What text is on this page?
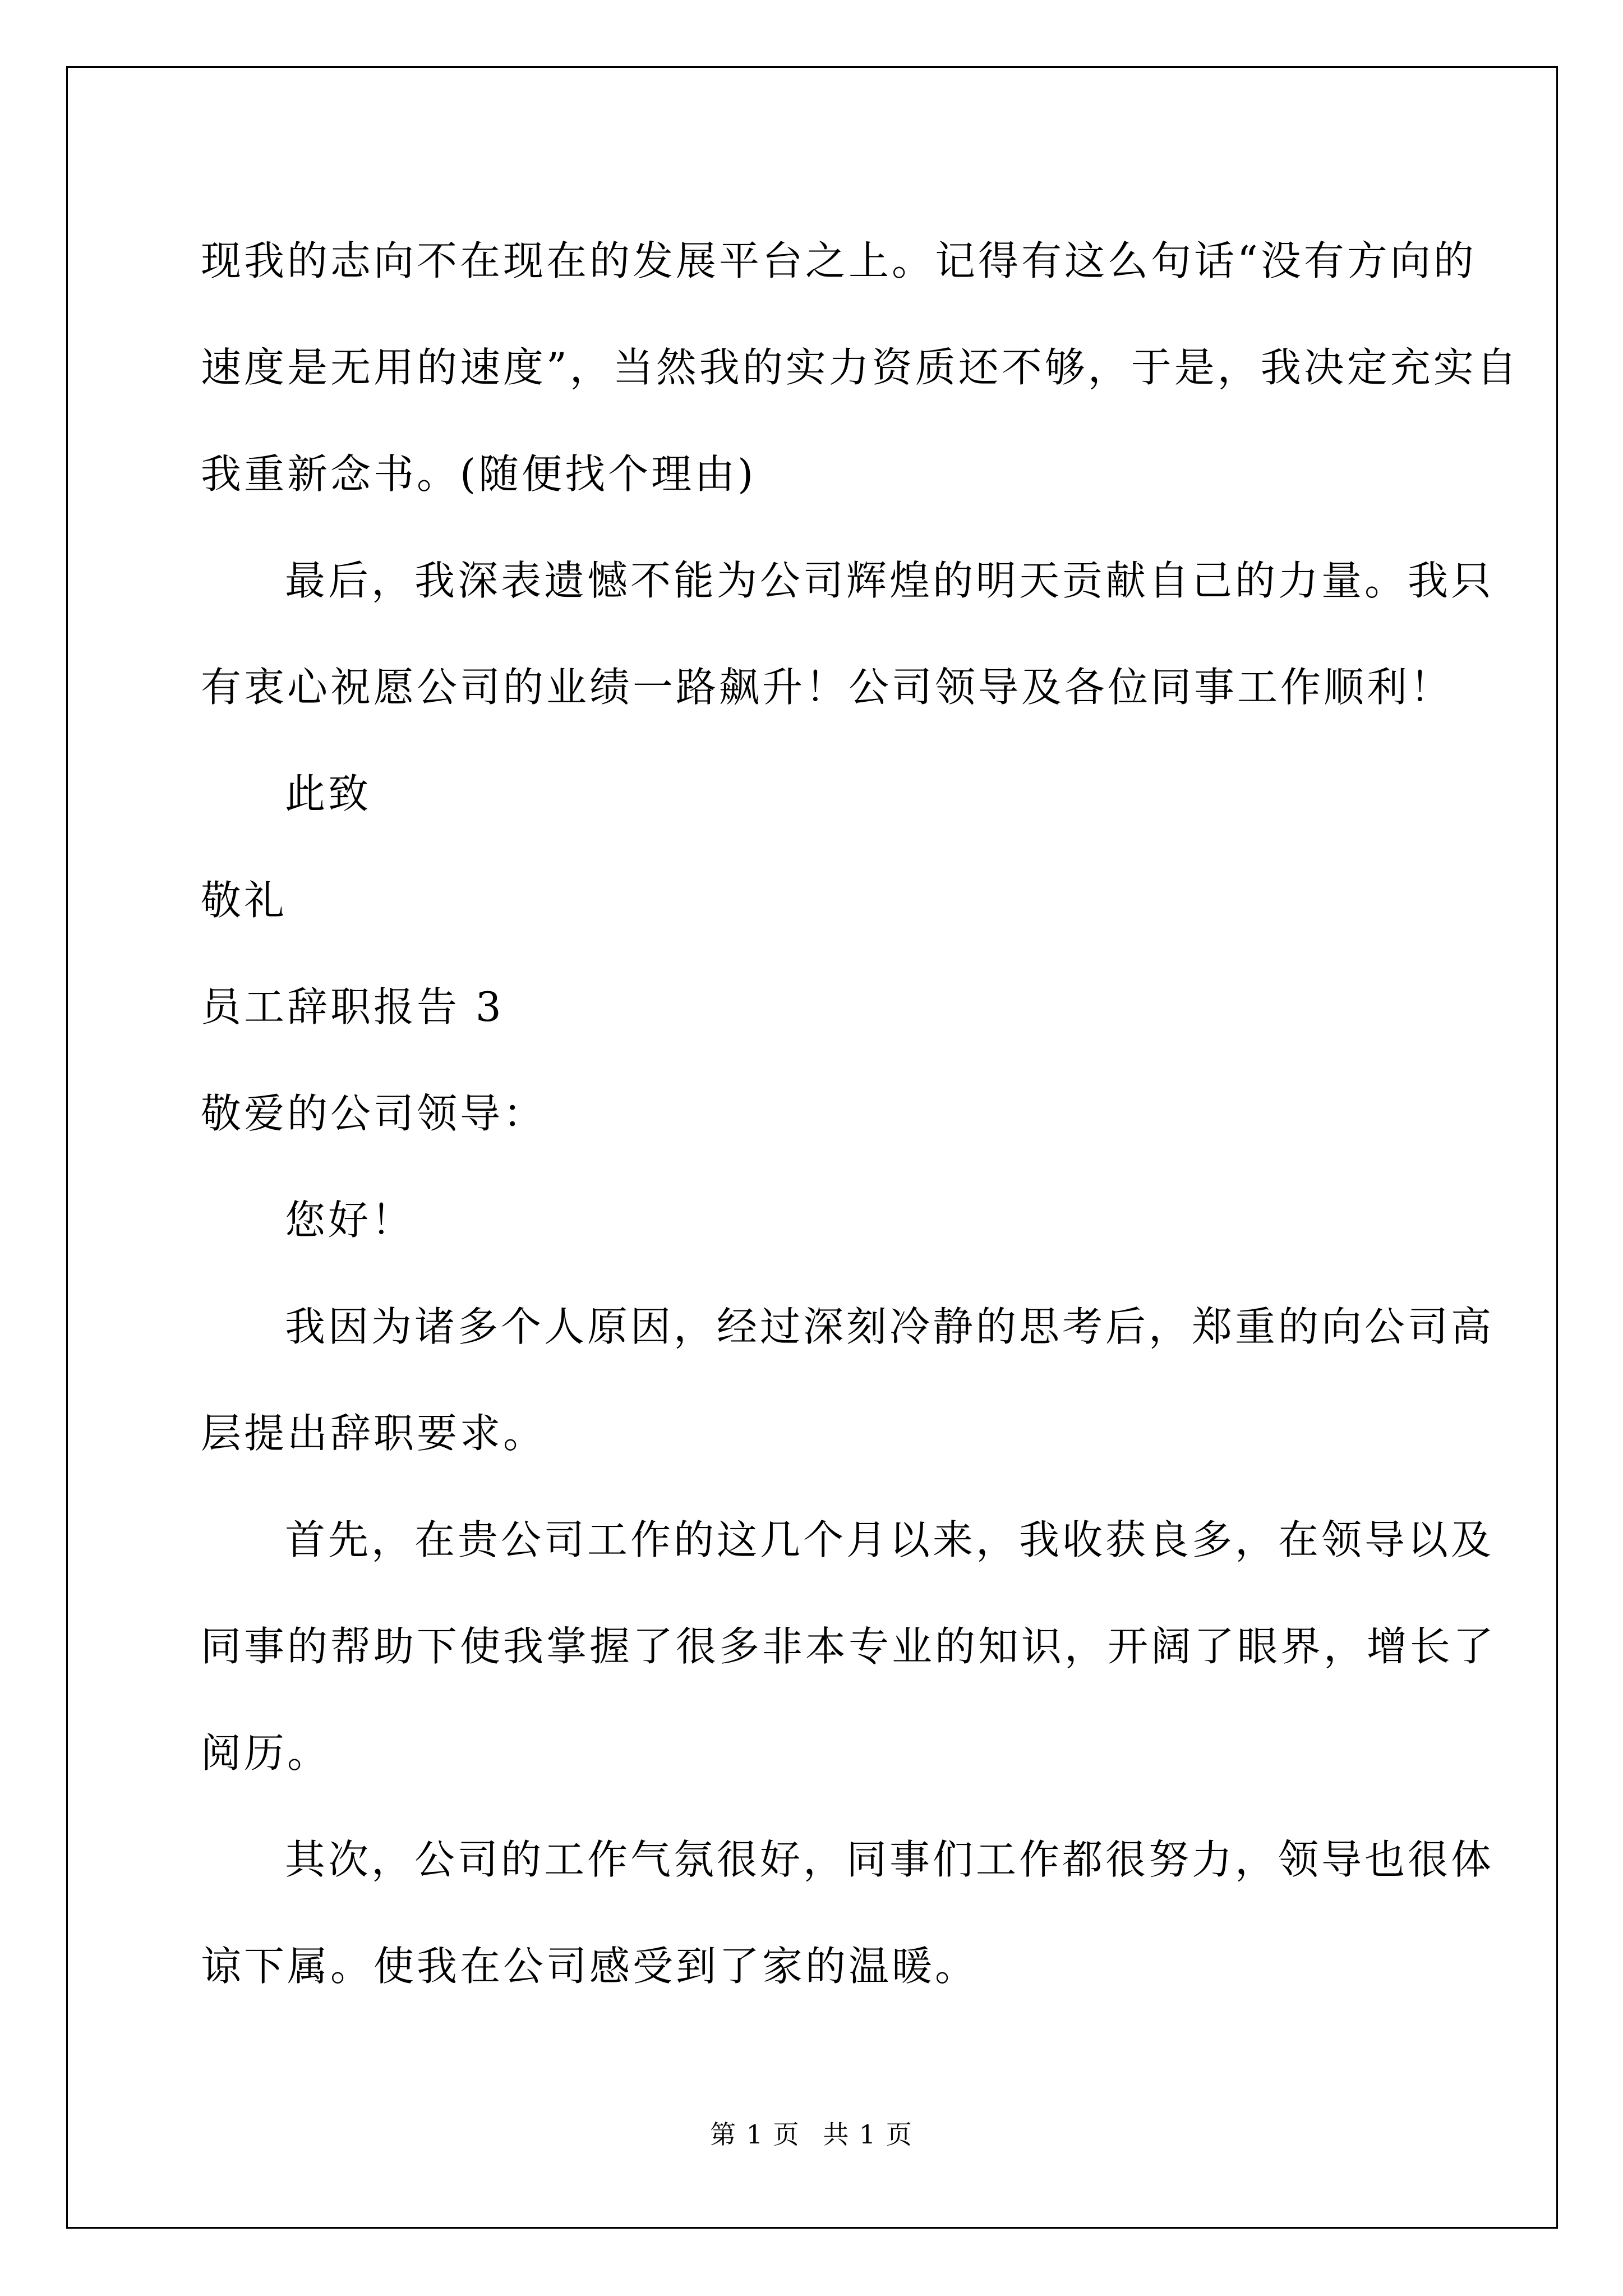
现我的志向不在现在的发展平台之上。记得有这么句话“没有方向的
速度是无用的速度”，当然我的实力资质还不够，于是，我决定充实自
我重新念书。(随便找个理由)
最后，我深表遗憾不能为公司辉煌的明天贡献自己的力量。我只
有衷心祝愿公司的业绩一路飙升！公司领导及各位同事工作顺利！
此致
敬礼
员工辞职报告 3
敬爱的公司领导：
您好！
我因为诸多个人原因，经过深刻冷静的思考后，郑重的向公司高
层提出辞职要求。
首先，在贵公司工作的这几个月以来，我收获良多，在领导以及
同事的帮助下使我掌握了很多非本专业的知识，开阔了眼界，增长了
阅历。
其次，公司的工作气氛很好，同事们工作都很努力，领导也很体
谅下属。使我在公司感受到了家的温暖。
第 1 页 共 1 页
